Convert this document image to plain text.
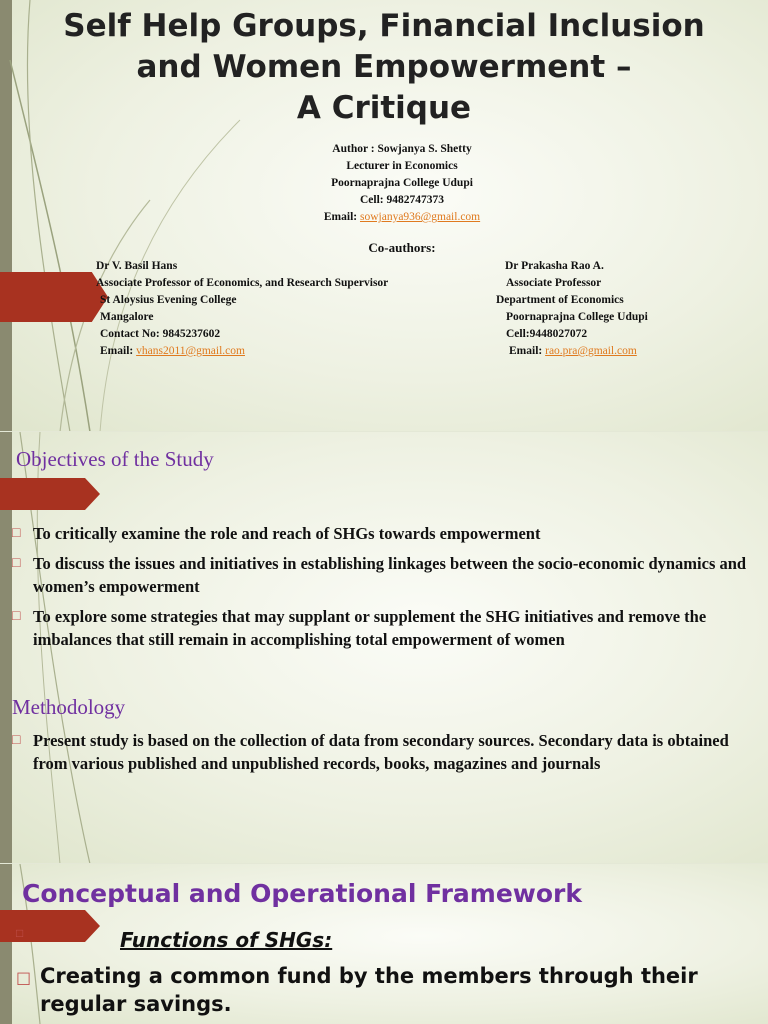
Self Help Groups, Financial Inclusion
and Women Empowerment –
A Critique
Author : Sowjanya S. Shetty
Lecturer in Economics
Poornaprajna College Udupi
Cell: 9482747373
Email: sowjanya936@gmail.com
Co-authors:
Dr V. Basil Hans
Associate Professor of Economics, and Research Supervisor
St Aloysius Evening College
Mangalore
Contact No: 9845237602
Email: vhans2011@gmail.com
Dr Prakasha Rao A.
Associate Professor
Department of Economics
Poornaprajna College Udupi
Cell:9448027072
Email: rao.pra@gmail.com
Objectives of the Study
□ To critically examine the role and reach of SHGs towards empowerment
□ To discuss the issues and initiatives in establishing linkages between the socio-economic dynamics and women’s empowerment
□ To explore some strategies that may supplant or supplement the SHG initiatives and remove the imbalances that still remain in accomplishing total empowerment of women
Methodology
□ Present study is based on the collection of data from secondary sources. Secondary data is obtained from various published and unpublished records, books, magazines and journals
Conceptual and Operational Framework
□	Functions of SHGs:
□ Creating a common fund by the members through their regular savings.
